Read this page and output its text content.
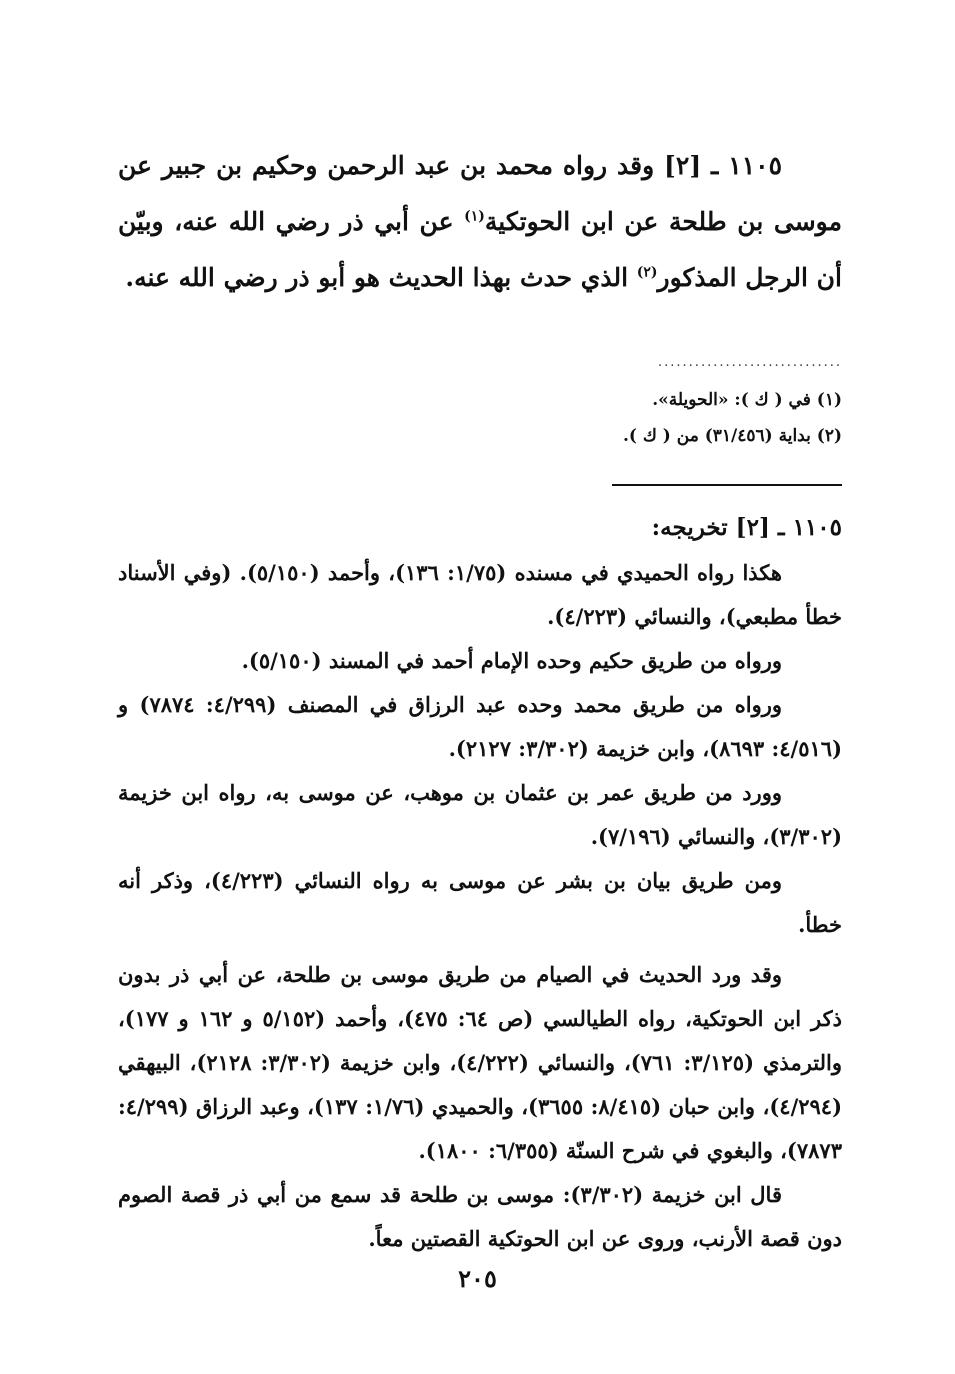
١١٠٥ ـ [٢] وقد رواه محمد بن عبد الرحمن وحكيم بن جبير عن موسى بن طلحة عن ابن الحوتكية$^{(١)}$ عن أبي ذر رضي الله عنه، وبيّن أن الرجل المذكور$^{(٢)}$ الذي حدث بهذا الحديث هو أبو ذر رضي الله عنه.

..............................
(١) في ( ك ): «الحويلة».
(٢) بداية (٣١/٤٥٦) من ( ك ).

١١٠٥ ـ [٢] تخريجه:

هكذا رواه الحميدي في مسنده (١/٧٥: ١٣٦)، وأحمد (٥/١٥٠). (وفي الأسناد خطأ مطبعي)، والنسائي (٤/٢٢٣).

ورواه من طريق حكيم وحده الإمام أحمد في المسند (٥/١٥٠).

ورواه من طريق محمد وحده عبد الرزاق في المصنف (٤/٢٩٩: ٧٨٧٤) و (٤/٥١٦: ٨٦٩٣)، وابن خزيمة (٣/٣٠٢: ٢١٢٧).

وورد من طريق عمر بن عثمان بن موهب، عن موسى به، رواه ابن خزيمة (٣/٣٠٢)، والنسائي (٧/١٩٦).

ومن طريق بيان بن بشر عن موسى به رواه النسائي (٤/٢٢٣)، وذكر أنه خطأ.

وقد ورد الحديث في الصيام من طريق موسى بن طلحة، عن أبي ذر بدون ذكر ابن الحوتكية، رواه الطيالسي (ص ٦٤: ٤٧٥)، وأحمد (٥/١٥٢ و ١٦٢ و ١٧٧)، والترمذي (٣/١٢٥: ٧٦١)، والنسائي (٤/٢٢٢)، وابن خزيمة (٣/٣٠٢: ٢١٢٨)، البيهقي (٤/٢٩٤)، وابن حبان (٨/٤١٥: ٣٦٥٥)، والحميدي (١/٧٦: ١٣٧)، وعبد الرزاق (٤/٢٩٩: ٧٨٧٣)، والبغوي في شرح السنّة (٦/٣٥٥: ١٨٠٠).

قال ابن خزيمة (٣/٣٠٢): موسى بن طلحة قد سمع من أبي ذر قصة الصوم دون قصة الأرنب، وروى عن ابن الحوتكية القصتين معاً.

٢٠٥
